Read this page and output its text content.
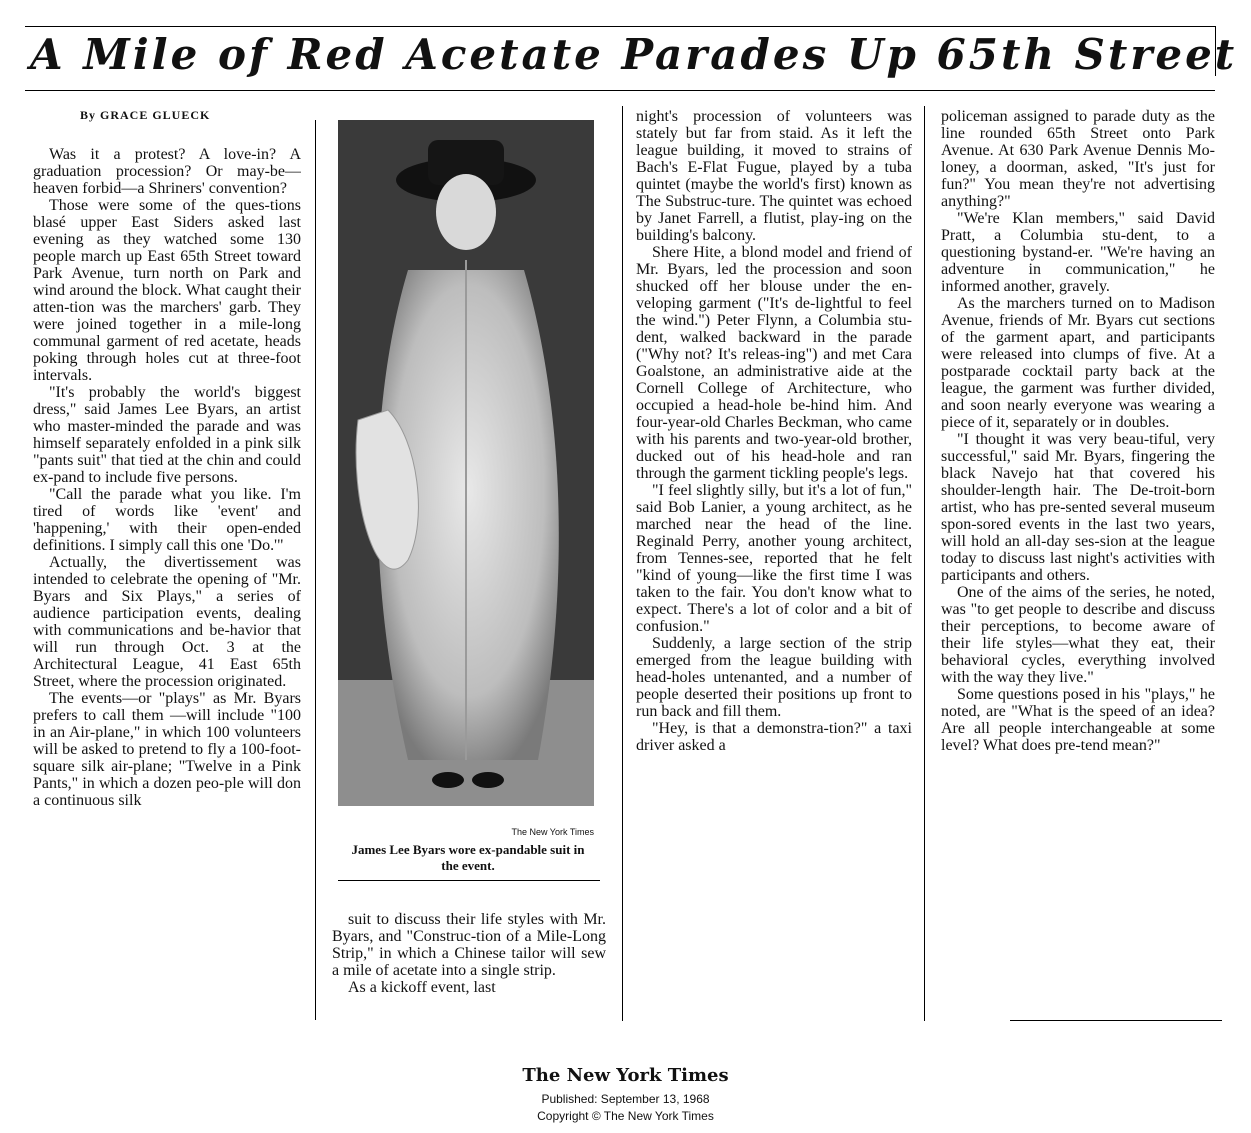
A Mile of Red Acetate Parades Up 65th Street
By GRACE GLUECK

Was it a protest? A love-in? A graduation procession? Or may-be—heaven forbid—a Shriners' convention?

Those were some of the ques-tions blasé upper East Siders asked last evening as they watched some 130 people march up East 65th Street toward Park Avenue, turn north on Park and wind around the block. What caught their atten-tion was the marchers' garb. They were joined together in a mile-long communal garment of red acetate, heads poking through holes cut at three-foot intervals.

"It's probably the world's biggest dress," said James Lee Byars, an artist who master-minded the parade and was himself separately enfolded in a pink silk "pants suit" that tied at the chin and could ex-pand to include five persons.

"Call the parade what you like. I'm tired of words like 'event' and 'happening,' with their open-ended definitions. I simply call this one 'Do.'"

Actually, the divertissement was intended to celebrate the opening of "Mr. Byars and Six Plays," a series of audience participation events, dealing with communications and be-havior that will run through Oct. 3 at the Architectural League, 41 East 65th Street, where the procession originated.

The events—or "plays" as Mr. Byars prefers to call them —will include "100 in an Air-plane," in which 100 volunteers will be asked to pretend to fly a 100-foot-square silk air-plane; "Twelve in a Pink Pants," in which a dozen peo-ple will don a continuous silk

The New York Times
James Lee Byars wore ex-pandable suit in the event.

suit to discuss their life styles with Mr. Byars, and "Construc-tion of a Mile-Long Strip," in which a Chinese tailor will sew a mile of acetate into a single strip.

As a kickoff event, last

night's procession of volunteers was stately but far from staid. As it left the league building, it moved to strains of Bach's E-Flat Fugue, played by a tuba quintet (maybe the world's first) known as The Substruc-ture. The quintet was echoed by Janet Farrell, a flutist, play-ing on the building's balcony.

Shere Hite, a blond model and friend of Mr. Byars, led the procession and soon shucked off her blouse under the en-veloping garment ("It's de-lightful to feel the wind.") Peter Flynn, a Columbia stu-dent, walked backward in the parade ("Why not? It's releas-ing") and met Cara Goalstone, an administrative aide at the Cornell College of Architecture, who occupied a head-hole be-hind him. And four-year-old Charles Beckman, who came with his parents and two-year-old brother, ducked out of his head-hole and ran through the garment tickling people's legs.

"I feel slightly silly, but it's a lot of fun," said Bob Lanier, a young architect, as he marched near the head of the line. Reginald Perry, another young architect, from Tennes-see, reported that he felt "kind of young—like the first time I was taken to the fair. You don't know what to expect. There's a lot of color and a bit of confusion."

Suddenly, a large section of the strip emerged from the league building with head-holes untenanted, and a number of people deserted their positions up front to run back and fill them.

"Hey, is that a demonstra-tion?" a taxi driver asked a

policeman assigned to parade duty as the line rounded 65th Street onto Park Avenue. At 630 Park Avenue Dennis Mo-loney, a doorman, asked, "It's just for fun?" You mean they're not advertising anything?"

"We're Klan members," said David Pratt, a Columbia stu-dent, to a questioning bystand-er. "We're having an adventure in communication," he informed another, gravely.

As the marchers turned on to Madison Avenue, friends of Mr. Byars cut sections of the garment apart, and participants were released into clumps of five. At a postparade cocktail party back at the league, the garment was further divided, and soon nearly everyone was wearing a piece of it, separately or in doubles.

"I thought it was very beau-tiful, very successful," said Mr. Byars, fingering the black Navejo hat that covered his shoulder-length hair. The De-troit-born artist, who has pre-sented several museum spon-sored events in the last two years, will hold an all-day ses-sion at the league today to discuss last night's activities with participants and others.

One of the aims of the series, he noted, was "to get people to describe and discuss their perceptions, to become aware of their life styles—what they eat, their behavioral cycles, everything involved with the way they live."

Some questions posed in his "plays," he noted, are "What is the speed of an idea? Are all people interchangeable at some level? What does pre-tend mean?"

The New York Times
Published: September 13, 1968
Copyright © The New York Times
